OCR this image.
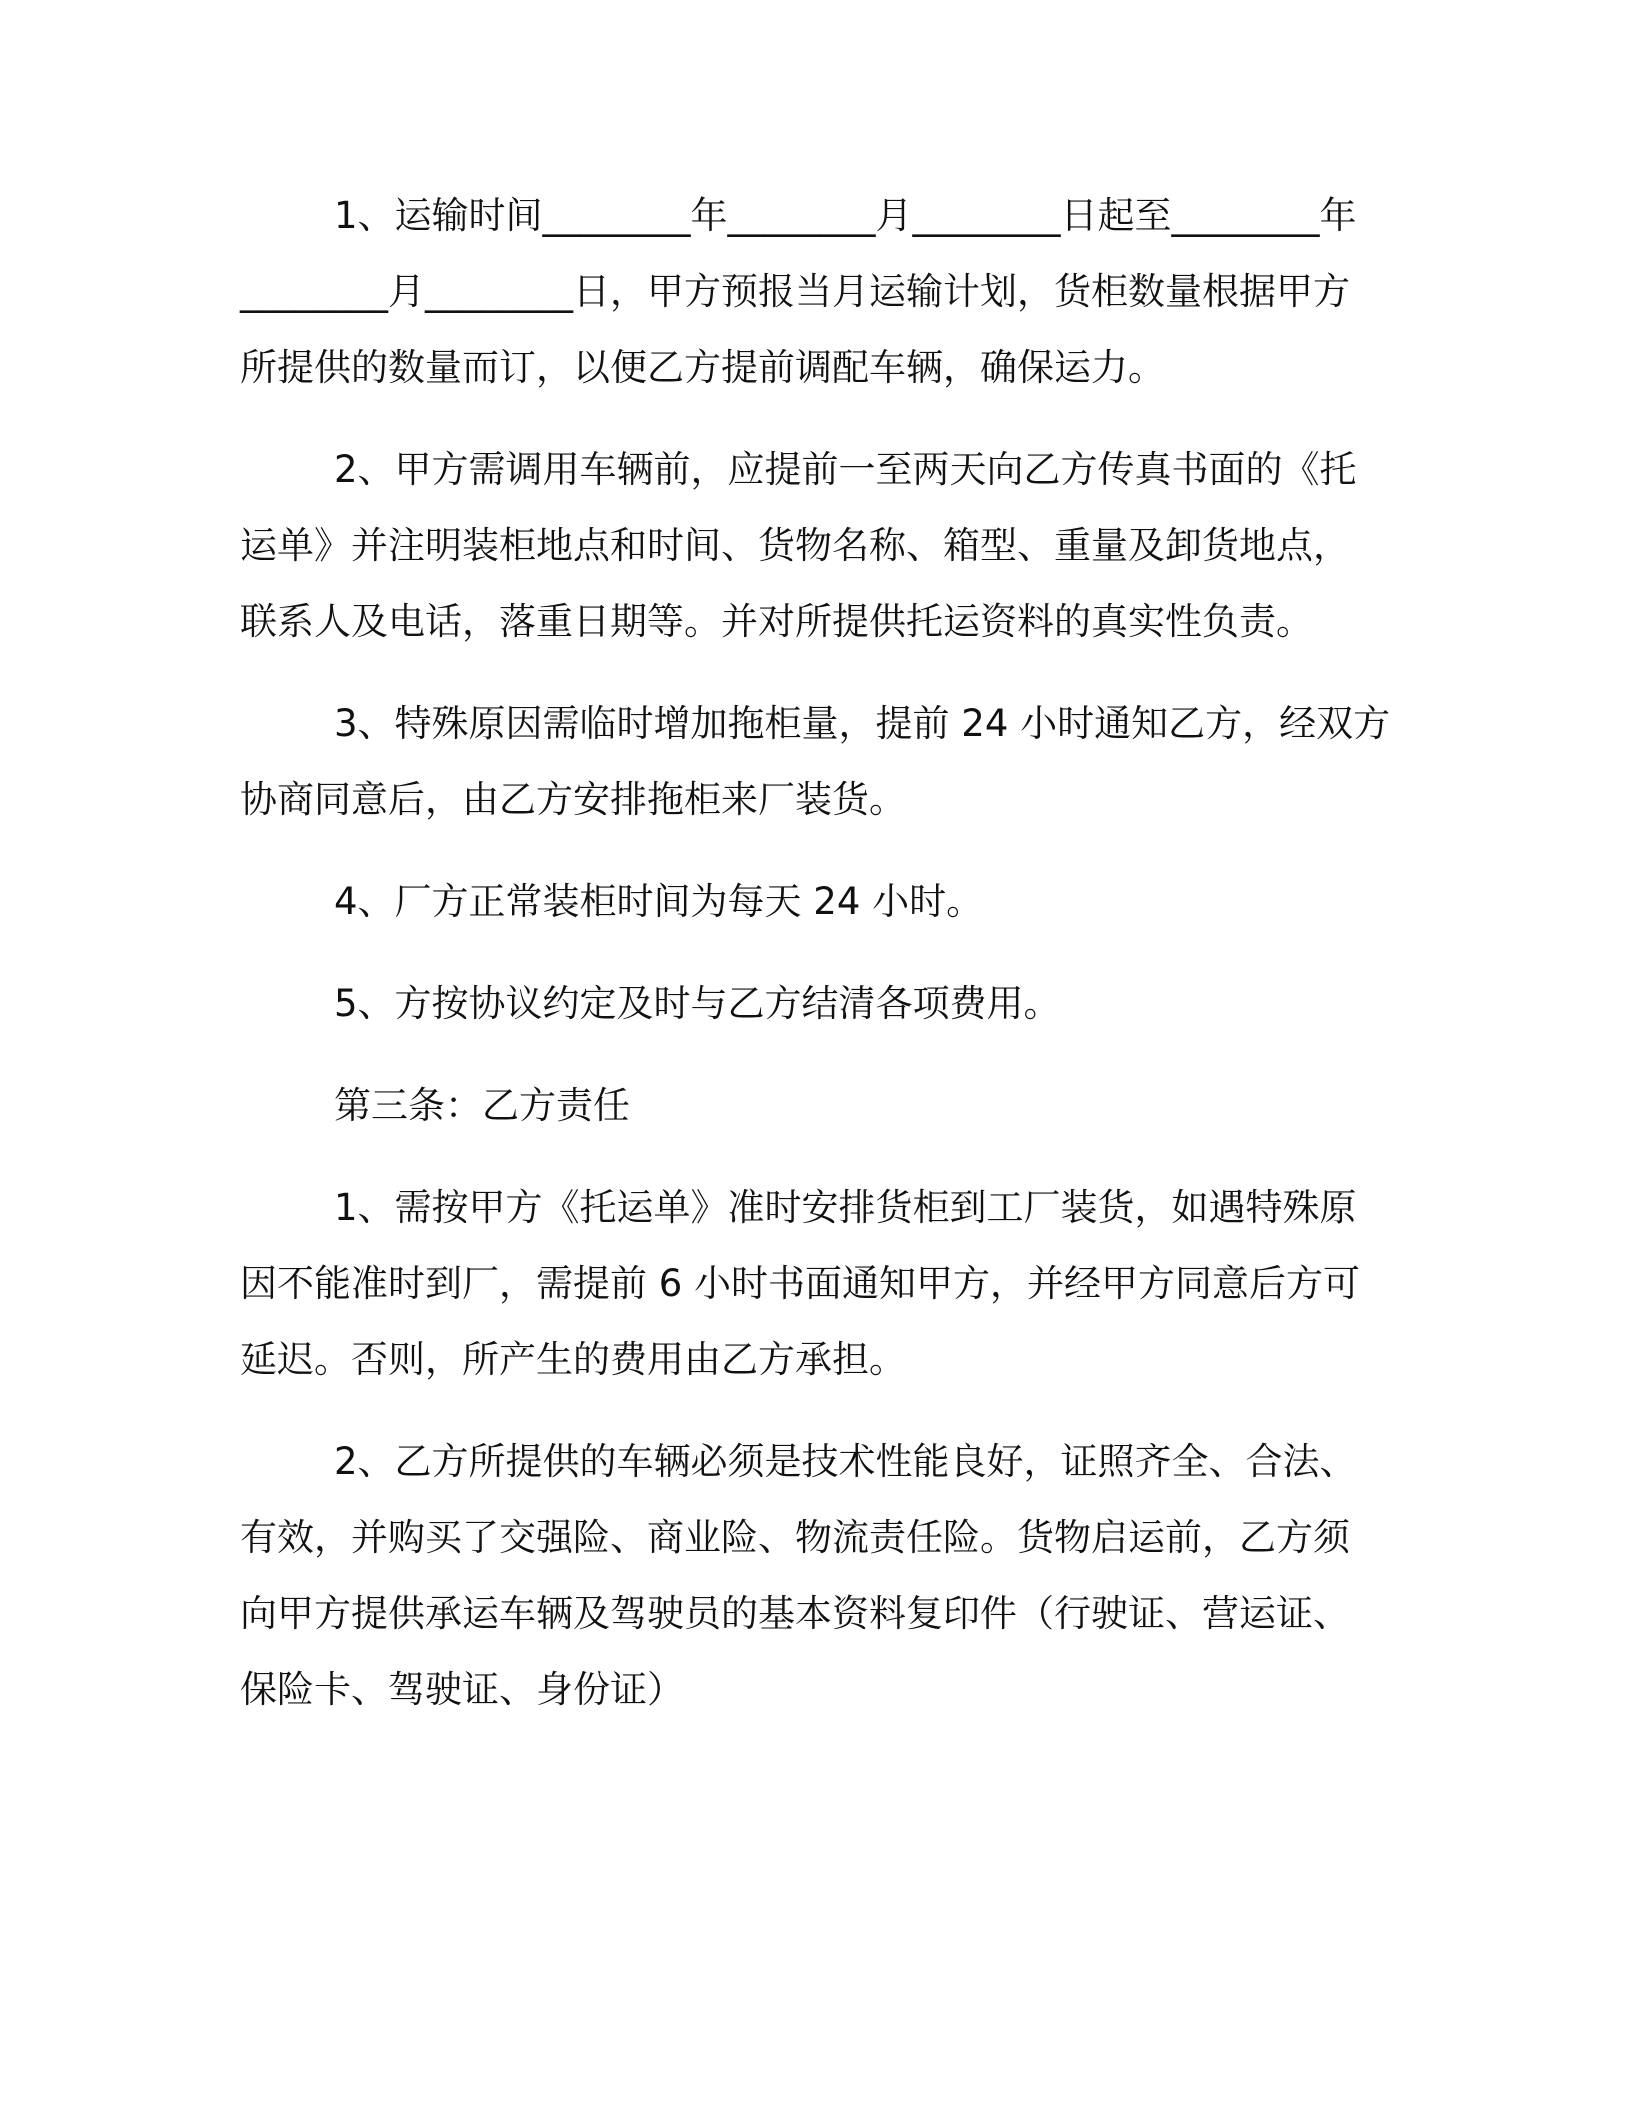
1、运输时间________年________月________日起至________年
________月________日，甲方预报当月运输计划，货柜数量根据甲方
所提供的数量而订，以便乙方提前调配车辆，确保运力。

2、甲方需调用车辆前，应提前一至两天向乙方传真书面的《托
运单》并注明装柜地点和时间、货物名称、箱型、重量及卸货地点，
联系人及电话，落重日期等。并对所提供托运资料的真实性负责。

3、特殊原因需临时增加拖柜量，提前 24 小时通知乙方，经双方
协商同意后，由乙方安排拖柜来厂装货。

4、厂方正常装柜时间为每天 24 小时。

5、方按协议约定及时与乙方结清各项费用。

第三条：乙方责任

1、需按甲方《托运单》准时安排货柜到工厂装货，如遇特殊原
因不能准时到厂，需提前 6 小时书面通知甲方，并经甲方同意后方可
延迟。否则，所产生的费用由乙方承担。

2、乙方所提供的车辆必须是技术性能良好，证照齐全、合法、
有效，并购买了交强险、商业险、物流责任险。货物启运前，乙方须
向甲方提供承运车辆及驾驶员的基本资料复印件（行驶证、营运证、
保险卡、驾驶证、身份证）
